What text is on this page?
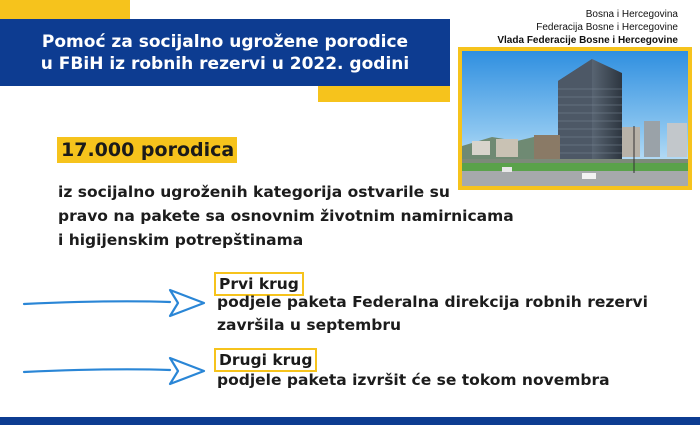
Pomoć za socijalno ugrožene porodice
u FBiH iz robnih rezervi u 2022. godini
Bosna i Hercegovina
Federacija Bosne i Hercegovine
Vlada Federacije Bosne i Hercegovine
17.000 porodica
iz socijalno ugroženih kategorija ostvarile su
pravo na pakete sa osnovnim životnim namirnicama
i higijenskim potrepštinama
Prvi krug
podjele paketa Federalna direkcija robnih rezervi
završila u septembru
Drugi krug
podjele paketa izvršit će se tokom novembra
